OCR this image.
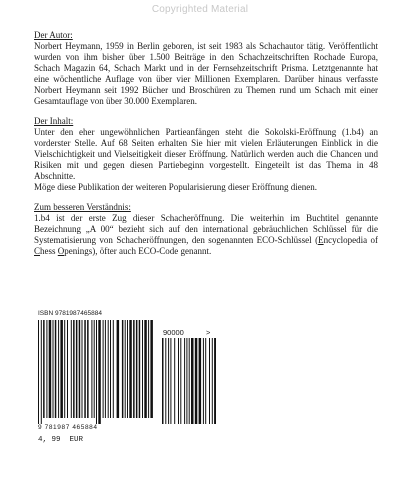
Copyrighted Material
Der Autor:

Norbert Heymann, 1959 in Berlin geboren, ist seit 1983 als Schachautor tätig. Veröffentlicht wurden von ihm bisher über 1.500 Beiträge in den Schachzeitschriften Rochade Europa, Schach Magazin 64, Schach Markt und in der Fernsehzeitschrift Prisma. Letztgenannte hat eine wöchentliche Auflage von über vier Millionen Exemplaren. Darüber hinaus verfasste Norbert Heymann seit 1992 Bücher und Broschüren zu Themen rund um Schach mit einer Gesamtauflage von über 30.000 Exemplaren.

Der Inhalt:

Unter den eher ungewöhnlichen Partieanfängen steht die Sokolski-Eröffnung (1.b4) an vorderster Stelle. Auf 68 Seiten erhalten Sie hier mit vielen Erläuterungen Einblick in die Vielschichtigkeit und Vielseitigkeit dieser Eröffnung. Natürlich werden auch die Chancen und Risiken mit und gegen diesen Partiebeginn vorgestellt. Eingeteilt ist das Thema in 48 Abschnitte.

Möge diese Publikation der weiteren Popularisierung dieser Eröffnung dienen.

Zum besseren Verständnis:

1.b4 ist der erste Zug dieser Schacheröffnung. Die weiterhin im Buchtitel genannte Bezeichnung „A 00“ bezieht sich auf den international gebräuchlichen Schlüssel für die Systematisierung von Schacheröffnungen, den sogenannten ECO-Schlüssel (Encyclopedia of Chess Openings), öfter auch ECO-Code genannt.

ISBN 9781987465884
90000	>
9 781987 465884
4, 99  EUR
